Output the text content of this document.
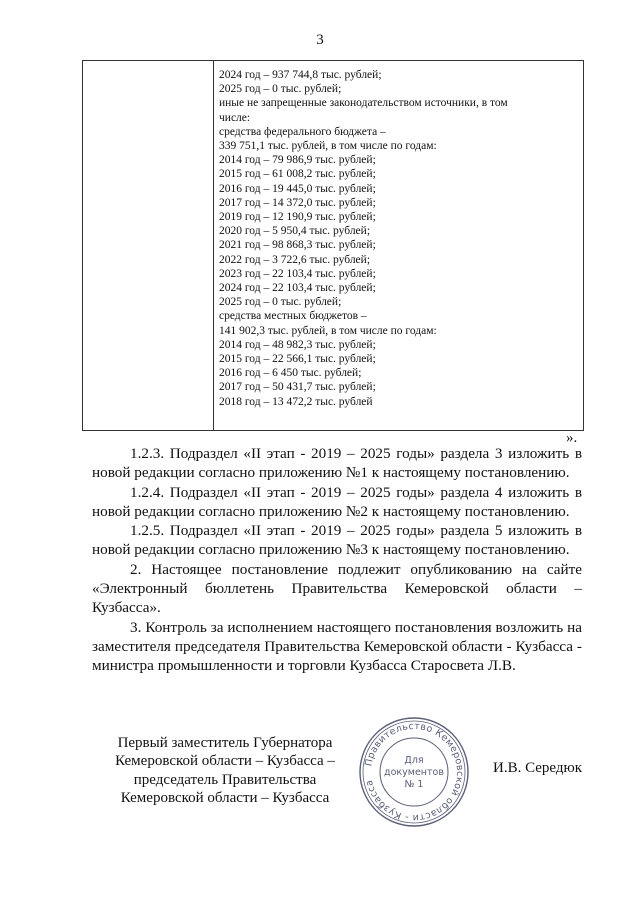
3
2024 год – 937 744,8 тыс. рублей;
2025 год – 0 тыс. рублей;
иные не запрещенные законодательством источники, в том
числе:
средства федерального бюджета –
339 751,1 тыс. рублей, в том числе по годам:
2014 год – 79 986,9 тыс. рублей;
2015 год – 61 008,2 тыс. рублей;
2016 год – 19 445,0 тыс. рублей;
2017 год – 14 372,0 тыс. рублей;
2019 год – 12 190,9 тыс. рублей;
2020 год – 5 950,4 тыс. рублей;
2021 год – 98 868,3 тыс. рублей;
2022 год – 3 722,6 тыс. рублей;
2023 год – 22 103,4 тыс. рублей;
2024 год – 22 103,4 тыс. рублей;
2025 год – 0 тыс. рублей;
средства местных бюджетов –
141 902,3 тыс. рублей, в том числе по годам:
2014 год – 48 982,3 тыс. рублей;
2015 год – 22 566,1 тыс. рублей;
2016 год – 6 450 тыс. рублей;
2017 год – 50 431,7 тыс. рублей;
2018 год – 13 472,2 тыс. рублей
».

1.2.3. Подраздел «II этап - 2019 – 2025 годы» раздела 3 изложить в новой редакции согласно приложению №1 к настоящему постановлению.

1.2.4. Подраздел «II этап - 2019 – 2025 годы» раздела 4 изложить в новой редакции согласно приложению №2 к настоящему постановлению.

1.2.5. Подраздел «II этап - 2019 – 2025 годы» раздела 5 изложить в новой редакции согласно приложению №3 к настоящему постановлению.

2. Настоящее постановление подлежит опубликованию на сайте «Электронный бюллетень Правительства Кемеровской области – Кузбасса».

3. Контроль за исполнением настоящего постановления возложить на заместителя председателя Правительства Кемеровской области - Кузбасса - министра промышленности и торговли Кузбасса Старосвета Л.В.

Первый заместитель Губернатора
Кемеровской области – Кузбасса –
председатель Правительства
Кемеровской области – Кузбасса
Правительство Кемеровской области - Кузбасса
Для
документов
№ 1
И.В. Середюк
